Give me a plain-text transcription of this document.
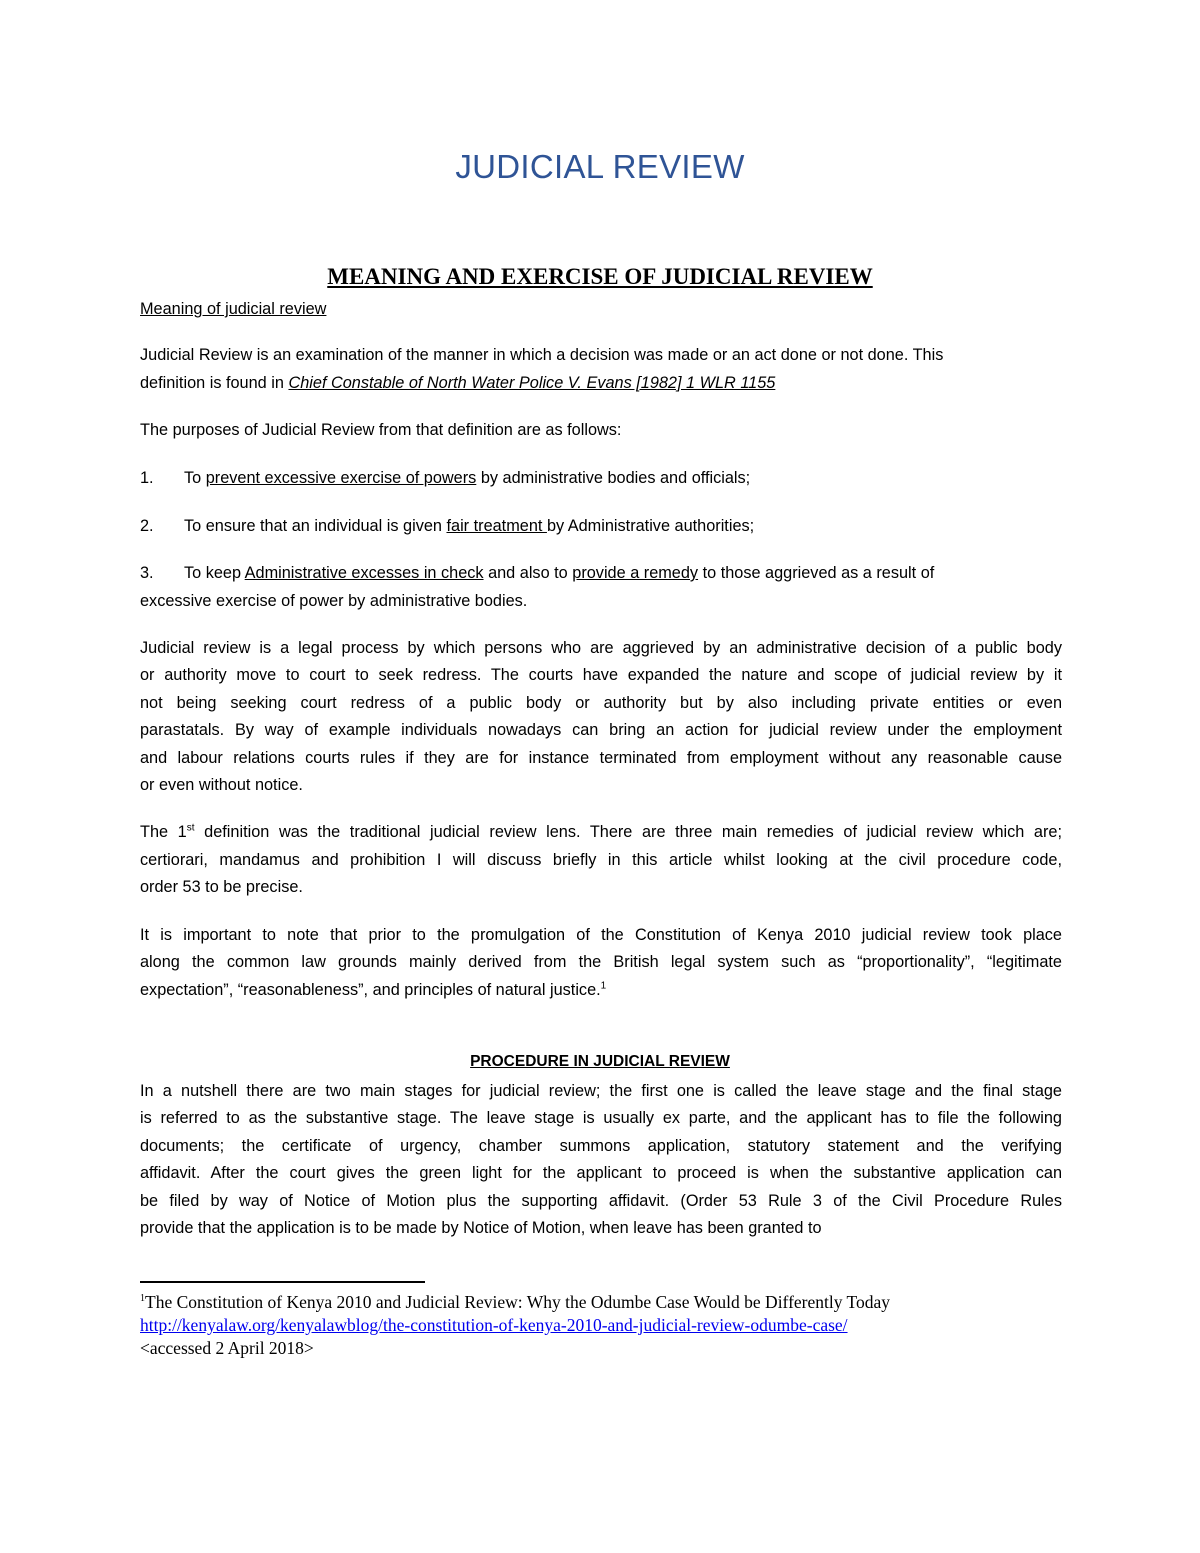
JUDICIAL REVIEW
MEANING AND EXERCISE OF JUDICIAL REVIEW
Meaning of judicial review
Judicial Review is an examination of the manner in which a decision was made or an act done or not done. This
definition is found in Chief Constable of North Water Police V. Evans [1982] 1 WLR 1155
The purposes of Judicial Review from that definition are as follows:
1. To prevent excessive exercise of powers by administrative bodies and officials;
2. To ensure that an individual is given fair treatment by Administrative authorities;
3. To keep Administrative excesses in check and also to provide a remedy to those aggrieved as a result of
excessive exercise of power by administrative bodies.
Judicial review is a legal process by which persons who are aggrieved by an administrative decision of a public body
or authority move to court to seek redress. The courts have expanded the nature and scope of judicial review by it
not being seeking court redress of a public body or authority but by also including private entities or even
parastatals. By way of example individuals nowadays can bring an action for judicial review under the employment
and labour relations courts rules if they are for instance terminated from employment without any reasonable cause
or even without notice.
The 1st definition was the traditional judicial review lens. There are three main remedies of judicial review which are;
certiorari, mandamus and prohibition I will discuss briefly in this article whilst looking at the civil procedure code,
order 53 to be precise.
It is important to note that prior to the promulgation of the Constitution of Kenya 2010 judicial review took place
along the common law grounds mainly derived from the British legal system such as “proportionality”, “legitimate
expectation”, “reasonableness”, and principles of natural justice.$^1$
PROCEDURE IN JUDICIAL REVIEW
In a nutshell there are two main stages for judicial review; the first one is called the leave stage and the final stage
is referred to as the substantive stage. The leave stage is usually ex parte, and the applicant has to file the following
documents; the certificate of urgency, chamber summons application, statutory statement and the verifying
affidavit. After the court gives the green light for the applicant to proceed is when the substantive application can
be filed by way of Notice of Motion plus the supporting affidavit. (Order 53 Rule 3 of the Civil Procedure Rules
provide that the application is to be made by Notice of Motion, when leave has been granted to
$^1$The Constitution of Kenya 2010 and Judicial Review: Why the Odumbe Case Would be Differently Today
http://kenyalaw.org/kenyalawblog/the-constitution-of-kenya-2010-and-judicial-review-odumbe-case/
<accessed 2 April 2018>
